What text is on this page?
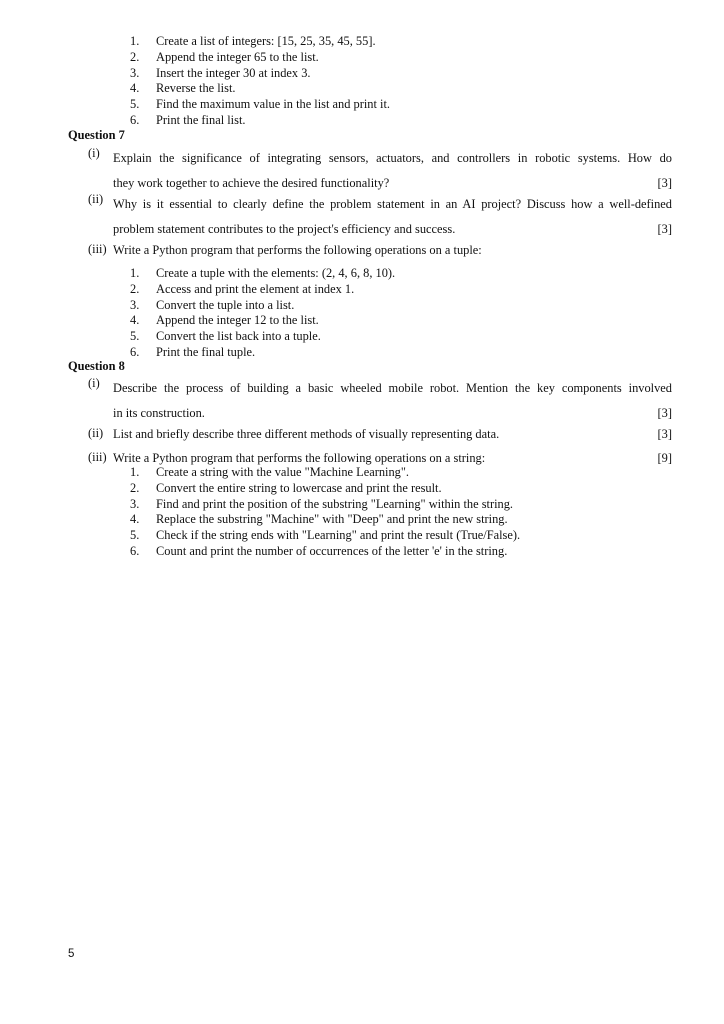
1.	Create a list of integers: [15, 25, 35, 45, 55].
2.	Append the integer 65 to the list.
3.	Insert the integer 30 at index 3.
4.	Reverse the list.
5.	Find the maximum value in the list and print it.
6.	Print the final list.
Question 7
(i)	Explain the significance of integrating sensors, actuators, and controllers in robotic systems. How do
they work together to achieve the desired functionality?	[3]
(ii) Why is it essential to clearly define the problem statement in an AI project? Discuss how a well-defined
problem statement contributes to the project's efficiency and success.	[3]
(iii) Write a Python program that performs the following operations on a tuple:
1.	Create a tuple with the elements: (2, 4, 6, 8, 10).
2.	Access and print the element at index 1.
3.	Convert the tuple into a list.
4.	Append the integer 12 to the list.
5.	Convert the list back into a tuple.
6.	Print the final tuple.
Question 8
(i)	Describe the process of building a basic wheeled mobile robot. Mention the key components involved
in its construction.	[3]
(ii) List and briefly describe three different methods of visually representing data.	[3]
(iii) Write a Python program that performs the following operations on a string:	[9]
1.	Create a string with the value "Machine Learning".
2.	Convert the entire string to lowercase and print the result.
3.	Find and print the position of the substring "Learning" within the string.
4.	Replace the substring "Machine" with "Deep" and print the new string.
5.	Check if the string ends with "Learning" and print the result (True/False).
6.	Count and print the number of occurrences of the letter 'e' in the string.
5
